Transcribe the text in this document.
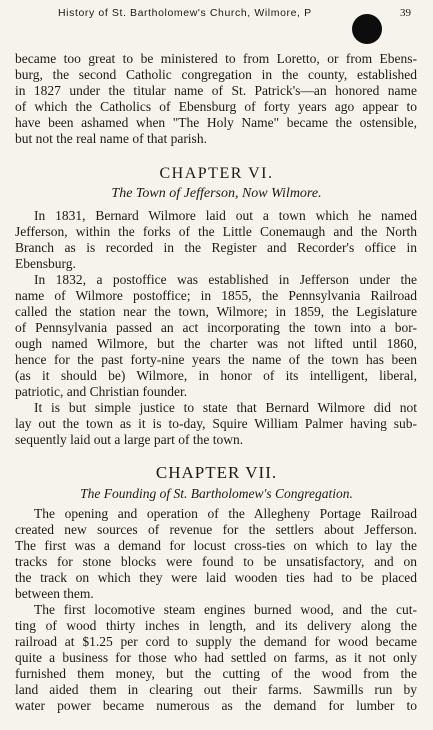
History of St. Bartholomew's Church, Wilmore, P	39
became too great to be ministered to from Loretto, or from Ebens-
burg, the second Catholic congregation in the county, established
in 1827 under the titular name of St. Patrick's—an honored name
of which the Catholics of Ebensburg of forty years ago appear to
have been ashamed when "The Holy Name" became the ostensible,
but not the real name of that parish.
CHAPTER VI.
The Town of Jefferson, Now Wilmore.
In 1831, Bernard Wilmore laid out a town which he named
Jefferson, within the forks of the Little Conemaugh and the North
Branch as is recorded in the Register and Recorder's office in
Ebensburg.
In 1832, a postoffice was established in Jefferson under the
name of Wilmore postoffice; in 1855, the Pennsylvania Railroad
called the station near the town, Wilmore; in 1859, the Legislature
of Pennsylvania passed an act incorporating the town into a bor-
ough named Wilmore, but the charter was not lifted until 1860,
hence for the past forty-nine years the name of the town has been
(as it should be) Wilmore, in honor of its intelligent, liberal,
patriotic, and Christian founder.
It is but simple justice to state that Bernard Wilmore did not
lay out the town as it is to-day, Squire William Palmer having sub-
sequently laid out a large part of the town.
CHAPTER VII.
The Founding of St. Bartholomew's Congregation.
The opening and operation of the Allegheny Portage Railroad
created new sources of revenue for the settlers about Jefferson.
The first was a demand for locust cross-ties on which to lay the
tracks for stone blocks were found to be unsatisfactory, and on
the track on which they were laid wooden ties had to be placed
between them.
The first locomotive steam engines burned wood, and the cut-
ting of wood thirty inches in length, and its delivery along the
railroad at $1.25 per cord to supply the demand for wood became
quite a business for those who had settled on farms, as it not only
furnished them money, but the cutting of the wood from the
land aided them in clearing out their farms. Sawmills run by
water power became numerous as the demand for lumber to
